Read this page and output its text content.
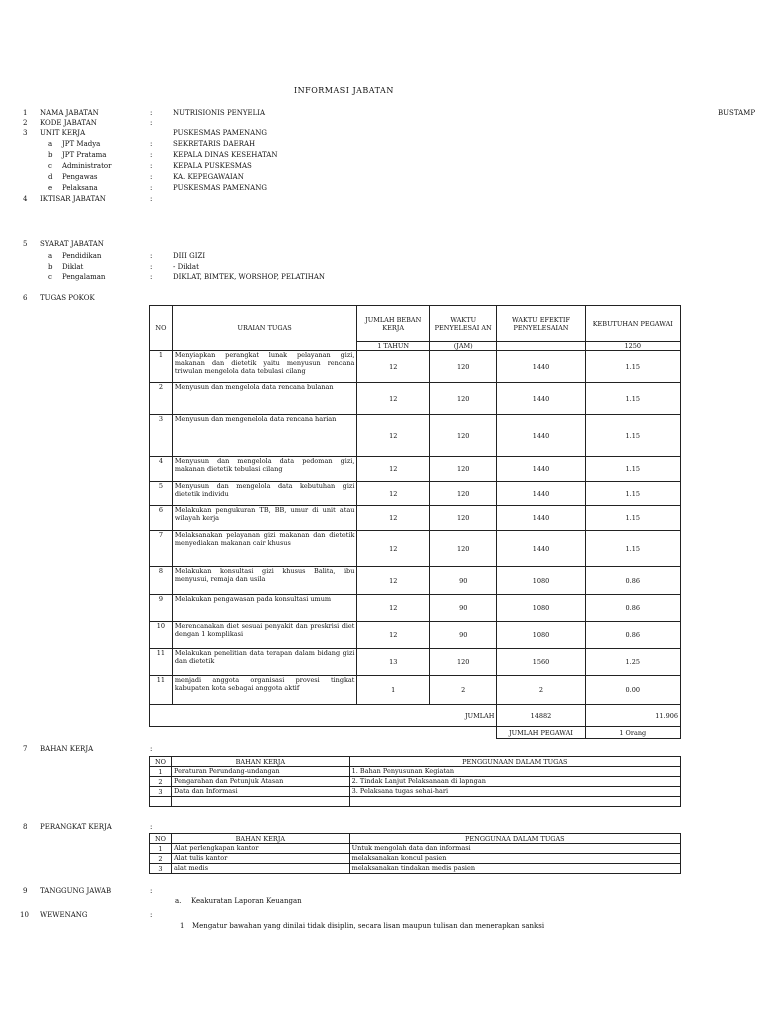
INFORMASI JABATAN
BUSTAMP
1 NAMA JABATAN	:	NUTRISIONIS PENYELIA
2 KODE JABATAN	:
3 UNIT KERJA	PUSKESMAS PAMENANG
a JPT Madya	:	SEKRETARIS DAERAH
b JPT Pratama	:	KEPALA DINAS KESEHATAN
c Administrator	:	KEPALA PUSKESMAS
d Pengawas	:	KA. KEPEGAWAIAN
e Pelaksana	:	PUSKESMAS PAMENANG
4 IKTISAR JABATAN	:
5 SYARAT JABATAN
a Pendidikan	:	DIII GIZI
b Diklat	:	- Diklat
c Pengalaman	:	DIKLAT, BIMTEK, WORSHOP, PELATIHAN
6 TUGAS POKOK
NO	URAIAN TUGAS	JUMLAH BEBAN KERJA	WAKTU PENYELESAI AN	WAKTU EFEKTIF PENYELESAIAN	KEBUTUHAN PEGAWAI
		1 TAHUN	(JAM)		1250
1	Menyiapkan perangkat lunak pelayanan gizi, makanan dan dietetik yaitu menyusun rencana triwulan mengelola data tebulasi cilang	12	120	1440	1.15
2	Menyusun dan mengelola data rencana bulanan	12	120	1440	1.15
3	Menyusun dan mengenelola data rencana harian	12	120	1440	1.15
4	Menyusun dan mengelola data pedoman gizi, makanan dietetik tebulasi cilang	12	120	1440	1.15
5	Menyusun dan mengelola data kebutuhan gizi dietetik individu	12	120	1440	1.15
6	Melakukan pengukuran TB, BB, umur di unit atau wilayah kerja	12	120	1440	1.15
7	Melaksanakan pelayanan gizi makanan dan dietetik menyediakan makanan cair khusus	12	120	1440	1.15
8	Melakukan konsultasi gizi khusus Balita, ibu menyusui, remaja dan usila	12	90	1080	0.86
9	Melakukan pengawasan pada konsultasi umum	12	90	1080	0.86
10	Merencanakan diet sesuai penyakit dan preskrisi diet dengan 1 komplikasi	12	90	1080	0.86
11	Melakukan penelitian data terapan dalam bidang gizi dan dietetik	13	120	1560	1.25
11	menjadi anggota organisasi provesi tingkat kabupaten kota sebagai anggota aktif	1	2	2	0.00
JUMLAH				14882	11.906
				JUMLAH PEGAWAI	1 Orang
7 BAHAN KERJA	:
NO	BAHAN KERJA	PENGGUNAAN DALAM TUGAS
1	Peraturan Perundang-undangan	1. Bahan Penyusunan Kegiatan
2	Pengarahan dan Petunjuk Atasan	2. Tindak Lanjut Pelaksanaan di lapngan
3	Data dan Informasi	3. Pelaksana tugas sehai-hari

8 PERANGKAT KERJA	:
NO	BAHAN KERJA	PENGGUNAA DALAM TUGAS
1	Alat perlengkapan kantor	Untuk mengolah data dan informasi
2	Alat tulis kantor	melaksanakan koncul pasien
3	alat medis	melaksanakan tindakan medis pasien
9 TANGGUNG JAWAB	:
a. Keakuratan Laporan Keuangan
10 WEWENANG	:
1 Mengatur bawahan yang dinilai tidak disiplin, secara lisan maupun tulisan dan menerapkan sanksi
